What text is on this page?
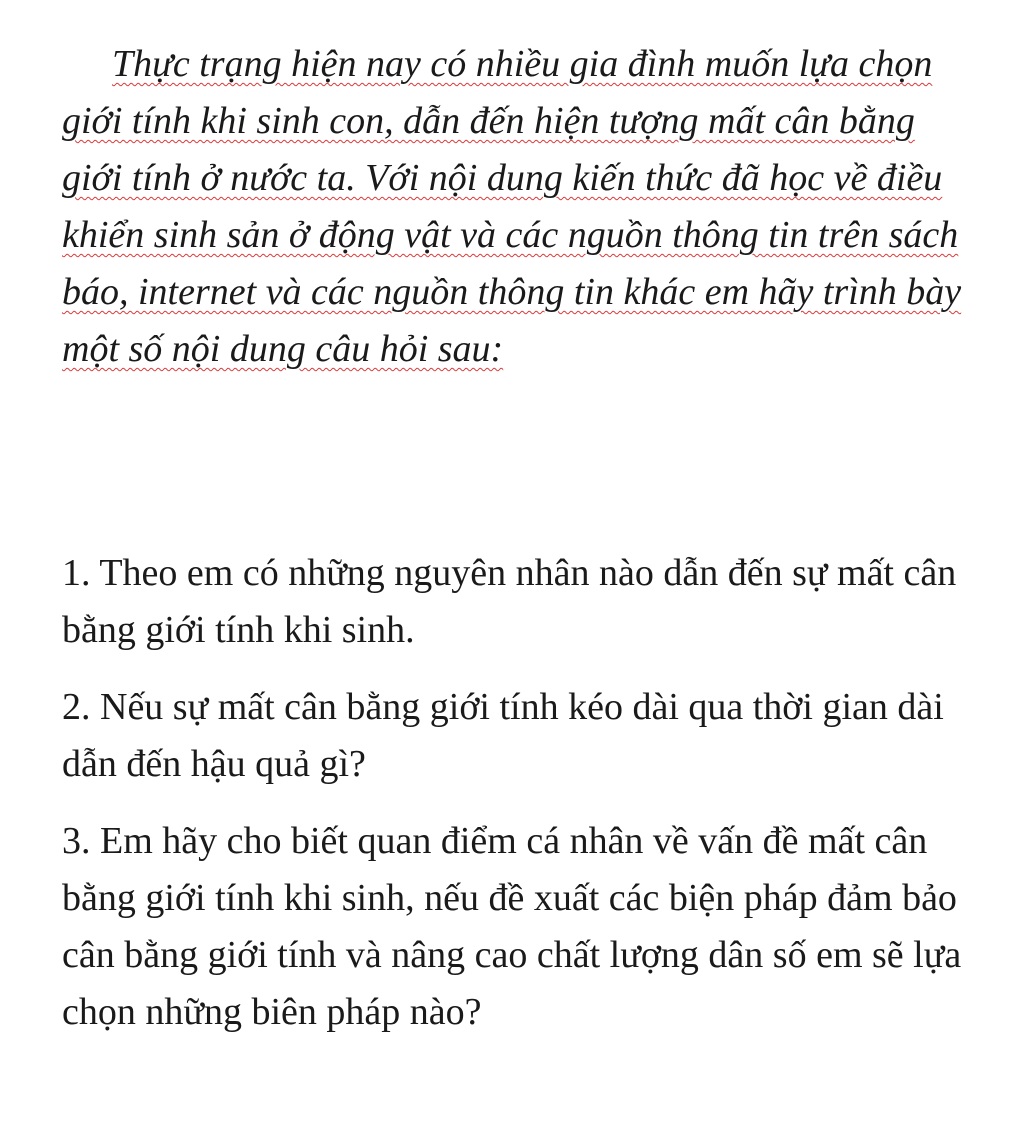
Thực trạng hiện nay có nhiều gia đình muốn lựa chọn giới tính khi sinh con, dẫn đến hiện tượng mất cân bằng giới tính ở nước ta. Với nội dung kiến thức đã học về điều khiển sinh sản ở động vật và các nguồn thông tin trên sách báo, internet và các nguồn thông tin khác em hãy trình bày một số nội dung câu hỏi sau:

1. Theo em có những nguyên nhân nào dẫn đến sự mất cân bằng giới tính khi sinh.
2. Nếu sự mất cân bằng giới tính kéo dài qua thời gian dài dẫn đến hậu quả gì?
3. Em hãy cho biết quan điểm cá nhân về vấn đề mất cân bằng giới tính khi sinh, nếu đề xuất các biện pháp đảm bảo cân bằng giới tính và nâng cao chất lượng dân số em sẽ lựa chọn những biên pháp nào?
